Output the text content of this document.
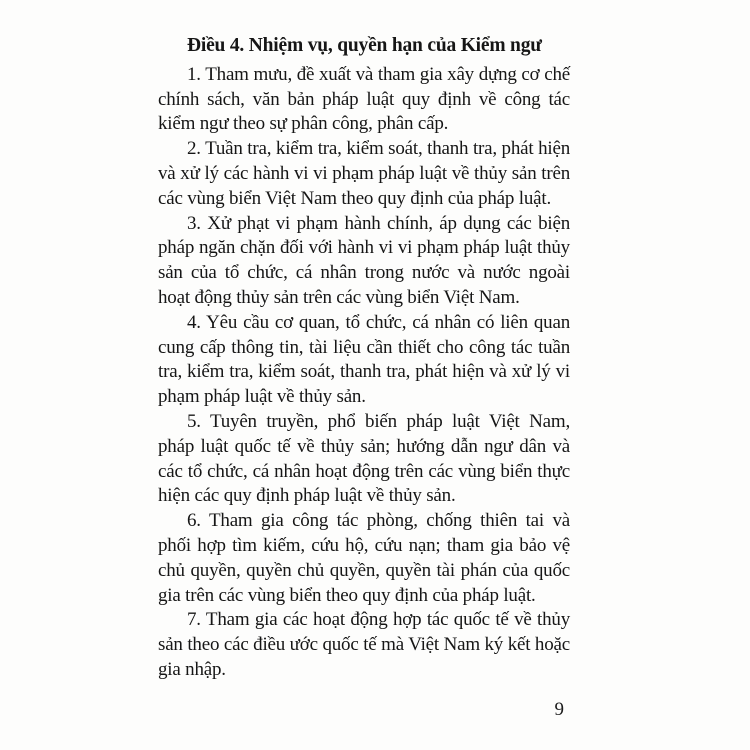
Điều 4. Nhiệm vụ, quyền hạn của Kiểm ngư

1. Tham mưu, đề xuất và tham gia xây dựng cơ chế chính sách, văn bản pháp luật quy định về công tác kiểm ngư theo sự phân công, phân cấp.

2. Tuần tra, kiểm tra, kiểm soát, thanh tra, phát hiện và xử lý các hành vi vi phạm pháp luật về thủy sản trên các vùng biển Việt Nam theo quy định của pháp luật.

3. Xử phạt vi phạm hành chính, áp dụng các biện pháp ngăn chặn đối với hành vi vi phạm pháp luật thủy sản của tổ chức, cá nhân trong nước và nước ngoài hoạt động thủy sản trên các vùng biển Việt Nam.

4. Yêu cầu cơ quan, tổ chức, cá nhân có liên quan cung cấp thông tin, tài liệu cần thiết cho công tác tuần tra, kiểm tra, kiểm soát, thanh tra, phát hiện và xử lý vi phạm pháp luật về thủy sản.

5. Tuyên truyền, phổ biến pháp luật Việt Nam, pháp luật quốc tế về thủy sản; hướng dẫn ngư dân và các tổ chức, cá nhân hoạt động trên các vùng biển thực hiện các quy định pháp luật về thủy sản.

6. Tham gia công tác phòng, chống thiên tai và phối hợp tìm kiếm, cứu hộ, cứu nạn; tham gia bảo vệ chủ quyền, quyền chủ quyền, quyền tài phán của quốc gia trên các vùng biển theo quy định của pháp luật.

7. Tham gia các hoạt động hợp tác quốc tế về thủy sản theo các điều ước quốc tế mà Việt Nam ký kết hoặc gia nhập.

9
